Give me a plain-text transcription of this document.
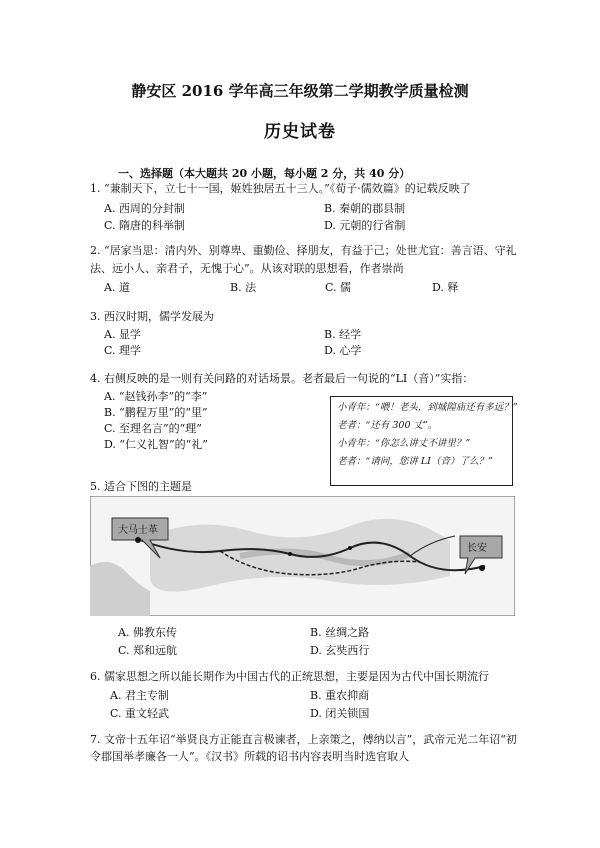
静安区 2016 学年高三年级第二学期教学质量检测
历史试卷
一、选择题（本大题共 20 小题，每小题 2 分，共 40 分）
1. “兼制天下，立七十一国，姬姓独居五十三人。”《荀子·儒效篇》的记载反映了
A. 西周的分封制	B. 秦朝的郡县制
C. 隋唐的科举制	D. 元朝的行省制
2. “居家当思：清内外、别尊卑、重勤俭、择朋友，有益于己；处世尤宜：善言语、守礼
法、远小人、亲君子，无愧于心”。从该对联的思想看，作者崇尚
A. 道	B. 法	C. 儒	D. 释
3. 西汉时期，儒学发展为
A. 显学	B. 经学
C. 理学	D. 心学
4. 右侧反映的是一则有关问路的对话场景。老者最后一句说的“LI（音）”实指：
A. “赵钱孙李”的“李”
B. “鹏程万里”的“里”
C. 至理名言”的“理”
D. “仁义礼智”的“礼”
小青年：“喂！老头，到城隍庙还有多远？”
老者：“还有 300 丈”。
小青年：“你怎么讲丈不讲里？”
老者：“请问，您讲 LI（音）了么？”
5. 适合下图的主题是
大马士革
长安
A. 佛教东传	B. 丝绸之路
C. 郑和远航	D. 玄奘西行
6. 儒家思想之所以能长期作为中国古代的正统思想，主要是因为古代中国长期流行
A. 君主专制	B. 重农抑商
C. 重文轻武	D. 闭关锁国
7. 文帝十五年诏“举贤良方正能直言极谏者，上亲策之，傅纳以言”，武帝元光二年诏“初
令郡国举孝廉各一人”。《汉书》所载的诏书内容表明当时选官取人
